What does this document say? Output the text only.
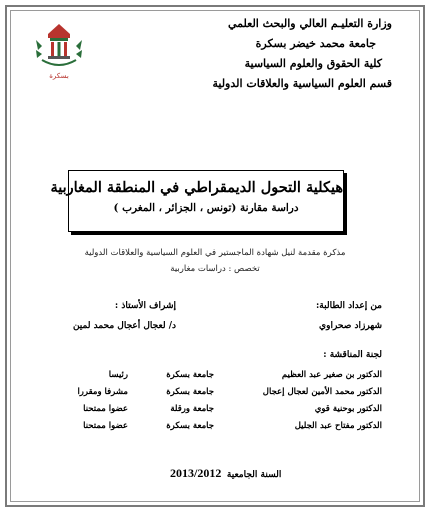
وزارة التعليـم العالي والبحث العلمي
جامعة محمد خيضر بسكرة
كلية الحقوق والعلوم السياسية
قسم العلوم السياسية والعلاقات الدولية
بسكرة
هيكلية التحول الديمقراطي في المنطقة المغاربية
دراسة مقارنة (تونس ، الجزائر ، المغرب )
مذكرة مقدمة لنيل شهادة الماجستير في العلوم السياسية والعلاقات الدولية
تخصص : دراسات مغاربية
من إعداد الطالبة:
شهرزاد صحراوي
إشراف الأستاذ :
د/ لعجال أعجال محمد لمين
لجنة المناقشة :
الدكتور بن صغير عبد العظيم
جامعة بسكرة
رئيسا
الدكتور محمد الأمين لعجال إعجال
جامعة بسكرة
مشرفا ومقررا
الدكتور بوحنية قوي
جامعة ورقلة
عضوا ممتحنا
الدكتور مفتاح عبد الجليل
جامعة بسكرة
عضوا ممتحنا
السنة الجامعية 2013/2012
